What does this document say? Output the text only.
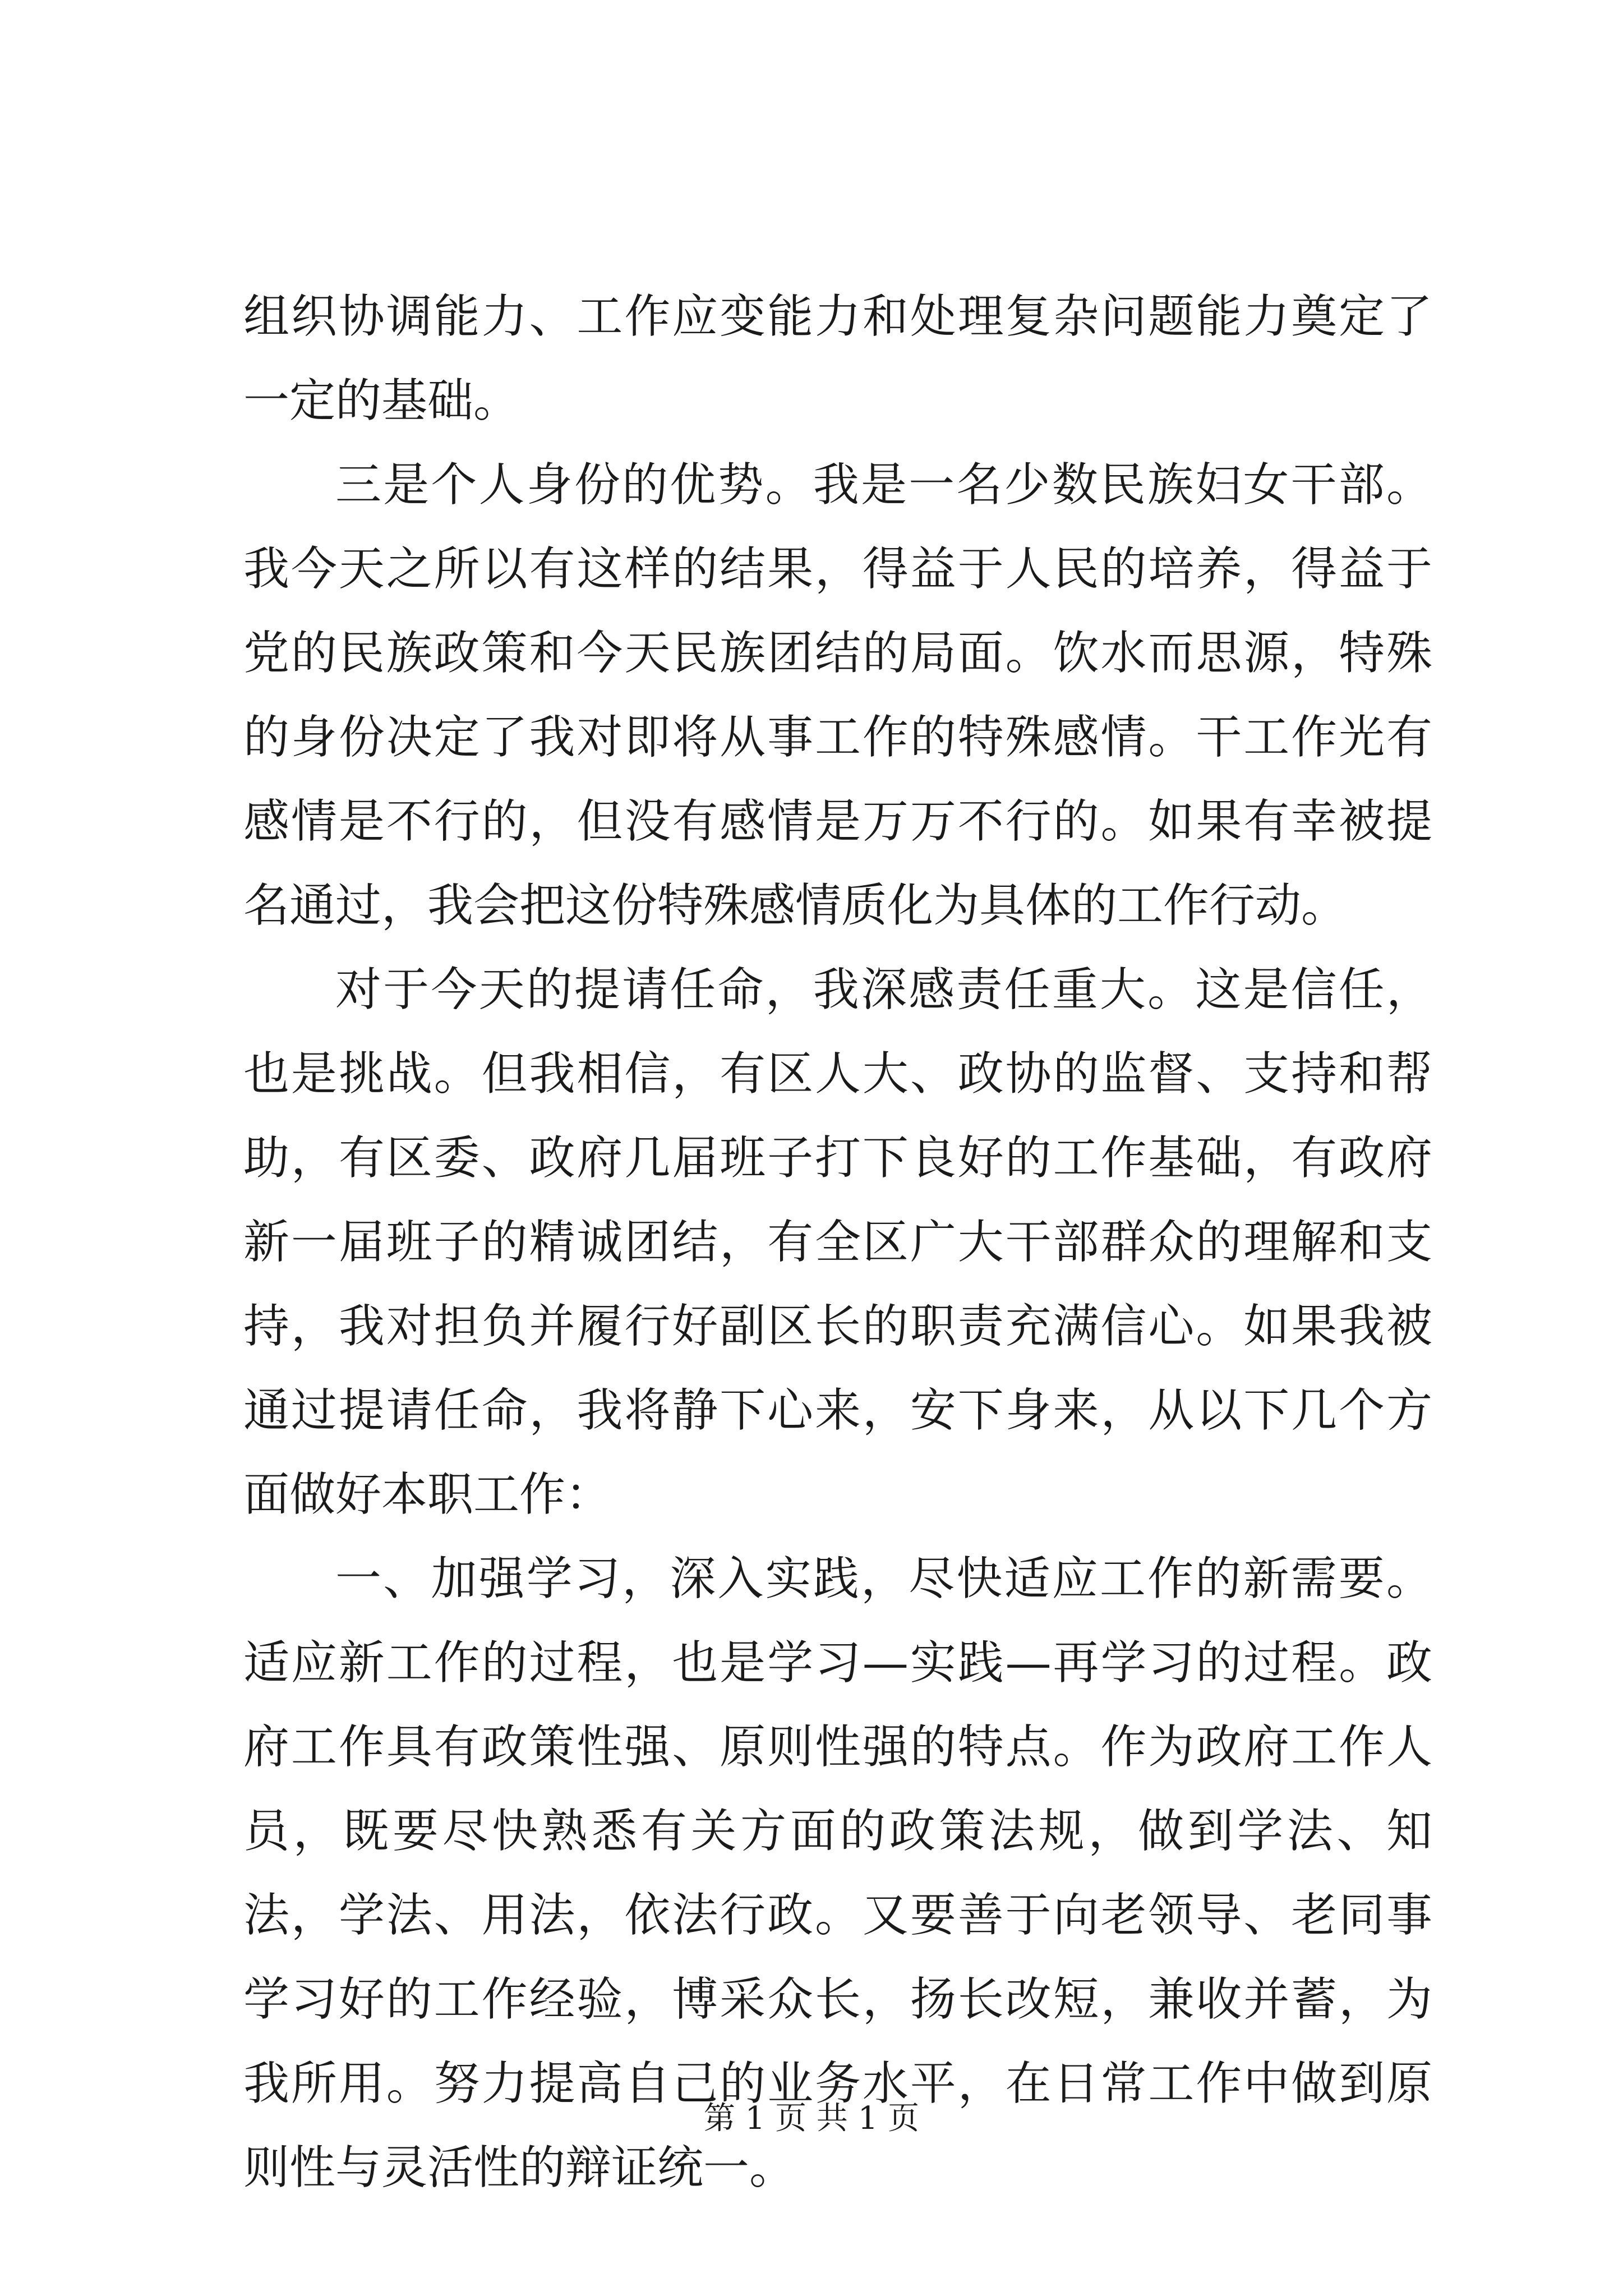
组织协调能力、工作应变能力和处理复杂问题能力奠定了一定的基础。

三是个人身份的优势。我是一名少数民族妇女干部。我今天之所以有这样的结果，得益于人民的培养，得益于党的民族政策和今天民族团结的局面。饮水而思源，特殊的身份决定了我对即将从事工作的特殊感情。干工作光有感情是不行的，但没有感情是万万不行的。如果有幸被提名通过，我会把这份特殊感情质化为具体的工作行动。

对于今天的提请任命，我深感责任重大。这是信任，也是挑战。但我相信，有区人大、政协的监督、支持和帮助，有区委、政府几届班子打下良好的工作基础，有政府新一届班子的精诚团结，有全区广大干部群众的理解和支持，我对担负并履行好副区长的职责充满信心。如果我被通过提请任命，我将静下心来，安下身来，从以下几个方面做好本职工作：

一、加强学习，深入实践，尽快适应工作的新需要。适应新工作的过程，也是学习—实践—再学习的过程。政府工作具有政策性强、原则性强的特点。作为政府工作人员，既要尽快熟悉有关方面的政策法规，做到学法、知法，学法、用法，依法行政。又要善于向老领导、老同事学习好的工作经验，博采众长，扬长改短，兼收并蓄，为我所用。努力提高自己的业务水平，在日常工作中做到原则性与灵活性的辩证统一。

第 1 页 共 1 页
